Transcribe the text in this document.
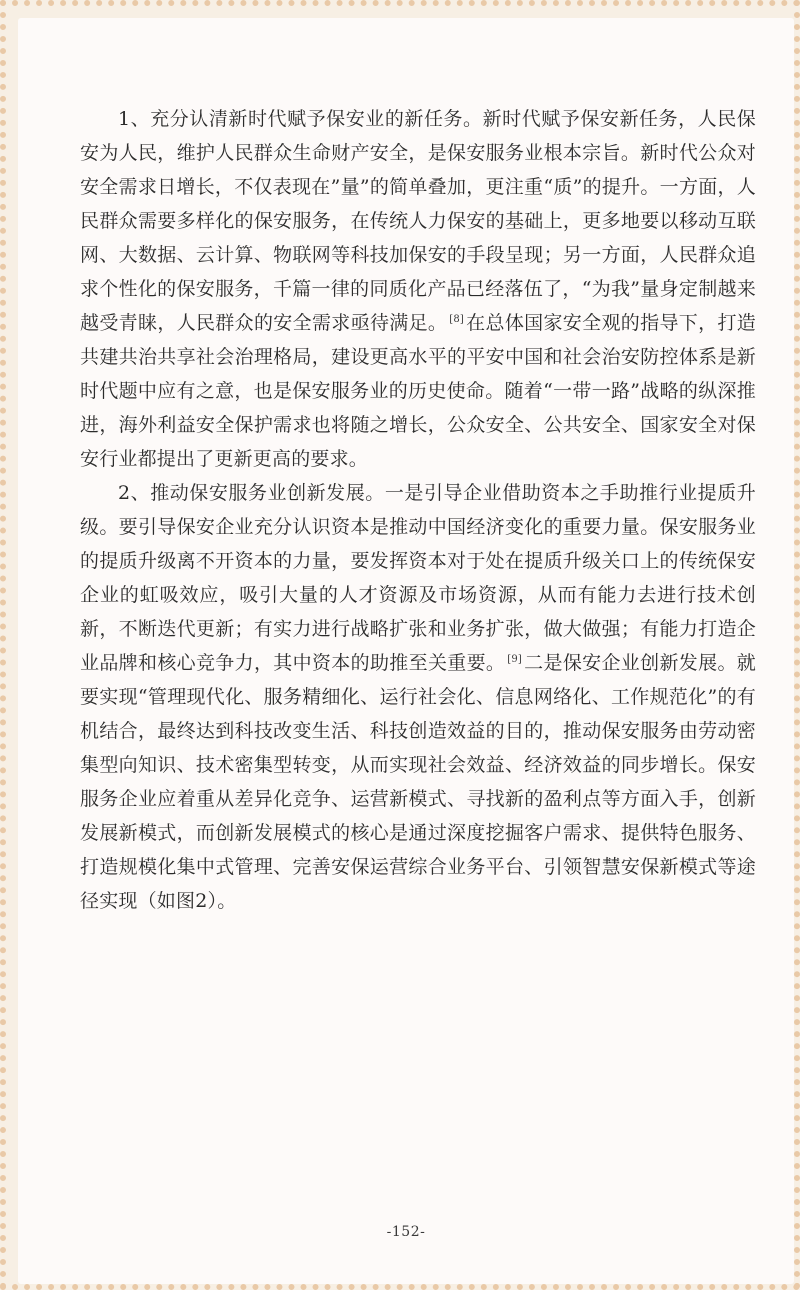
1、充分认清新时代赋予保安业的新任务。新时代赋予保安新任务，人民保安为人民，维护人民群众生命财产安全，是保安服务业根本宗旨。新时代公众对安全需求日增长，不仅表现在”量”的简单叠加，更注重“质”的提升。一方面，人民群众需要多样化的保安服务，在传统人力保安的基础上，更多地要以移动互联网、大数据、云计算、物联网等科技加保安的手段呈现；另一方面，人民群众追求个性化的保安服务，千篇一律的同质化产品已经落伍了，“为我”量身定制越来越受青睐，人民群众的安全需求亟待满足。 [8] 在总体国家安全观的指导下，打造共建共治共享社会治理格局，建设更高水平的平安中国和社会治安防控体系是新时代题中应有之意，也是保安服务业的历史使命。随着“一带一路”战略的纵深推进，海外利益安全保护需求也将随之增长，公众安全、公共安全、国家安全对保安行业都提出了更新更高的要求。

2、推动保安服务业创新发展。一是引导企业借助资本之手助推行业提质升级。要引导保安企业充分认识资本是推动中国经济变化的重要力量。保安服务业的提质升级离不开资本的力量，要发挥资本对于处在提质升级关口上的传统保安企业的虹吸效应，吸引大量的人才资源及市场资源，从而有能力去进行技术创新，不断迭代更新；有实力进行战略扩张和业务扩张，做大做强；有能力打造企业品牌和核心竞争力，其中资本的助推至关重要。 [9] 二是保安企业创新发展。就要实现“管理现代化、服务精细化、运行社会化、信息网络化、工作规范化”的有机结合，最终达到科技改变生活、科技创造效益的目的，推动保安服务由劳动密集型向知识、技术密集型转变，从而实现社会效益、经济效益的同步增长。保安服务企业应着重从差异化竞争、运营新模式、寻找新的盈利点等方面入手，创新发展新模式，而创新发展模式的核心是通过深度挖掘客户需求、提供特色服务、打造规模化集中式管理、完善安保运营综合业务平台、引领智慧安保新模式等途径实现（如图2）。

-152-
